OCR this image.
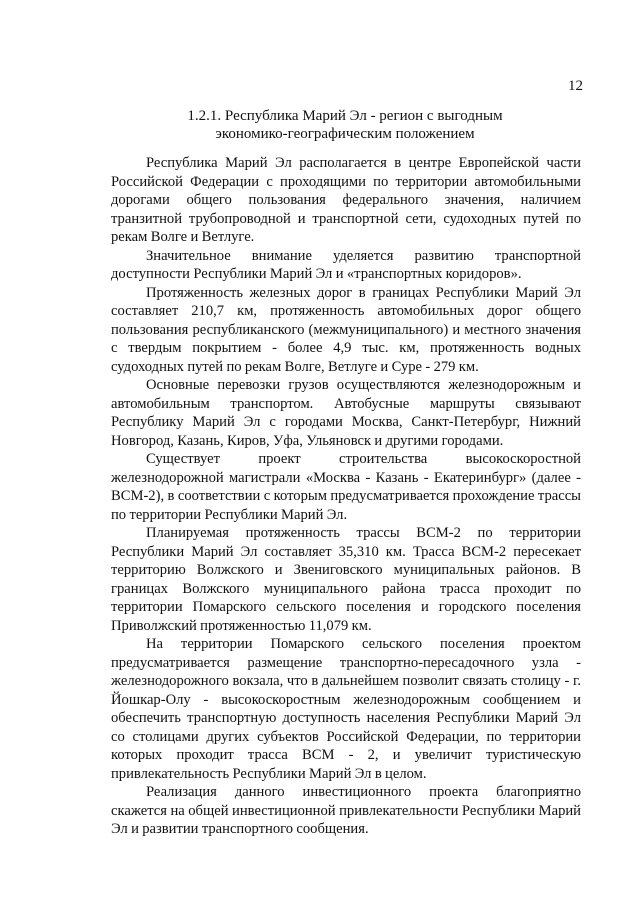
12
1.2.1. Республика Марий Эл - регион с выгодным
экономико-географическим положением

Республика Марий Эл располагается в центре Европейской части Российской Федерации с проходящими по территории автомобильными дорогами общего пользования федерального значения, наличием транзитной трубопроводной и транспортной сети, судоходных путей по рекам Волге и Ветлуге.

Значительное внимание уделяется развитию транспортной доступности Республики Марий Эл и «транспортных коридоров».

Протяженность железных дорог в границах Республики Марий Эл составляет 210,7 км, протяженность автомобильных дорог общего пользования республиканского (межмуниципального) и местного значения с твердым покрытием - более 4,9 тыс. км, протяженность водных судоходных путей по рекам Волге, Ветлуге и Суре - 279 км.

Основные перевозки грузов осуществляются железнодорожным и автомобильным транспортом. Автобусные маршруты связывают Республику Марий Эл с городами Москва, Санкт-Петербург, Нижний Новгород, Казань, Киров, Уфа, Ульяновск и другими городами.

Существует проект строительства высокоскоростной железнодорожной магистрали «Москва - Казань - Екатеринбург» (далее - ВСМ-2), в соответствии с которым предусматривается прохождение трассы по территории Республики Марий Эл.

Планируемая протяженность трассы ВСМ-2 по территории Республики Марий Эл составляет 35,310 км. Трасса ВСМ-2 пересекает территорию Волжского и Звениговского муниципальных районов. В границах Волжского муниципального района трасса проходит по территории Помарского сельского поселения и городского поселения Приволжский протяженностью 11,079 км.

На территории Помарского сельского поселения проектом предусматривается размещение транспортно-пересадочного узла - железнодорожного вокзала, что в дальнейшем позволит связать столицу - г. Йошкар-Олу - высокоскоростным железнодорожным сообщением и обеспечить транспортную доступность населения Республики Марий Эл со столицами других субъектов Российской Федерации, по территории которых проходит трасса ВСМ - 2, и увеличит туристическую привлекательность Республики Марий Эл в целом.

Реализация данного инвестиционного проекта благоприятно скажется на общей инвестиционной привлекательности Республики Марий Эл и развитии транспортного сообщения.
